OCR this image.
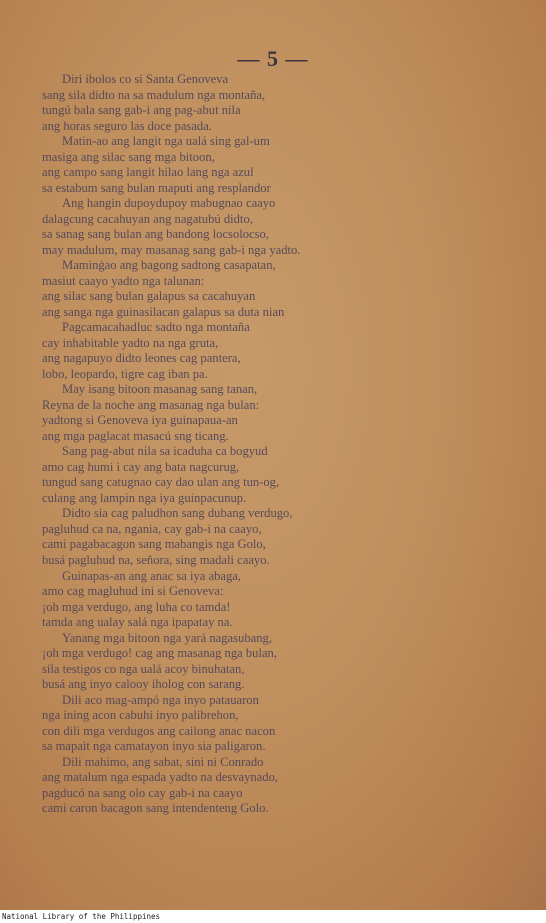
— 5 —
Diri ibolos co si Santa Genoveva
sang sila didto na sa madulum nga montaña,
tungú bala sang gab-i ang pag-abut nila
ang horas seguro las doce pasada.
Matin-ao ang langit nga ualá sing gal-um
masiga ang silac sang mga bitoon,
ang campo sang langit hilao lang nga azul
sa estabum sang bulan maputi ang resplandor
Ang hangin dupoydupoy mabugnao caayo
dalagcung cacahuyan ang nagatubú didto,
sa sanag sang bulan ang bandong locsolocso,
may madulum, may masanag sang gab-i nga yadto.
Maminġao ang bagong sadtong casapatan,
masiut caayo yadto nga talunan:
ang silac sang bulan galapus sa cacahuyan
ang sanga nga guinasilacan galapus sa duta nian
Pagcamacahadluc sadto nga montaña
cay inhabitable yadto na nga gruta,
ang nagapuyo didto leones cag pantera,
lobo, leopardo, tigre cag iban pa.
May isang bitoon masanag sang tanan,
Reyna de la noche ang masanag nga bulan:
yadtong si Genoveva iya guinapaua-an
ang mga paglacat masacú sng ticang.
Sang pag-abut nila sa icaduha ca bogyud
amo cag humi i cay ang bata nagcurug,
tungud sang catugnao cay dao ulan ang tun-og,
culang ang lampin nga iya guinpacunup.
Didto sia cag paludhon sang dubang verdugo,
pagluhud ca na, ngania, cay gab-i na caayo,
cami pagabacagon sang mabangis nga Golo,
busá pagluhud na, señora, sing madali caayo.
Guinapas-an ang anac sa iya abaga,
amo cag magluhud ini si Genoveva:
¡oh mga verdugo, ang luha co tamda!
tamda ang ualay salá nga ipapatay na.
Yanang mga bitoon nga yará nagasubang,
¡oh mga verdugo! cag ang masanag nga bulan,
sila testigos co nga ualá acoy binuhatan,
busá ang inyo calooy iholog con sarang.
Dili aco mag-ampó nga inyo patauaron
nga ining acon cabuhi inyo palibrehon,
con dili mga verdugos ang cailong anac nacon
sa mapait nga camatayon inyo sia paligaron.
Dili mahimo, ang sabat, sini ni Conrado
ang matalum nga espada yadto na desvaynado,
pagducó na sang olo cay gab-i na caayo
cami caron bacagon sang intendenteng Golo.
National Library of the Philippines
